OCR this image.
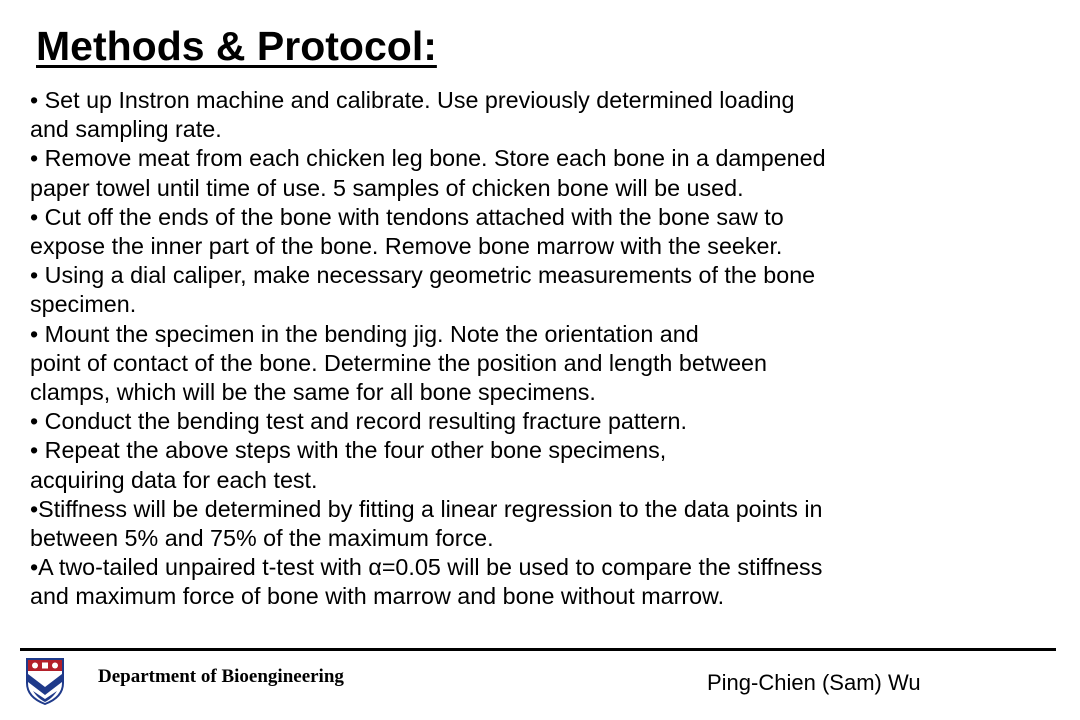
Methods & Protocol:

• Set up Instron machine and calibrate. Use previously determined loading

and sampling rate.

• Remove meat from each chicken leg bone. Store each bone in a dampened

paper towel until time of use. 5 samples of chicken bone will be used.

• Cut off the ends of the bone with tendons attached with the bone saw to

expose the inner part of the bone. Remove bone marrow with the seeker.

• Using a dial caliper, make necessary geometric measurements of the bone

specimen.

• Mount the specimen in the bending jig. Note the orientation and

point of contact of the bone. Determine the position and length between

clamps, which will be the same for all bone specimens.

• Conduct the bending test and record resulting fracture pattern.

• Repeat the above steps with the four other bone specimens,

acquiring data for each test.

•Stiffness will be determined by fitting a linear regression to the data points in

between 5% and 75% of the maximum force.

•A two-tailed unpaired t-test with α=0.05 will be used to compare the stiffness

and maximum force of bone with marrow and bone without marrow.

Department of Bioengineering	Ping-Chien (Sam) Wu
